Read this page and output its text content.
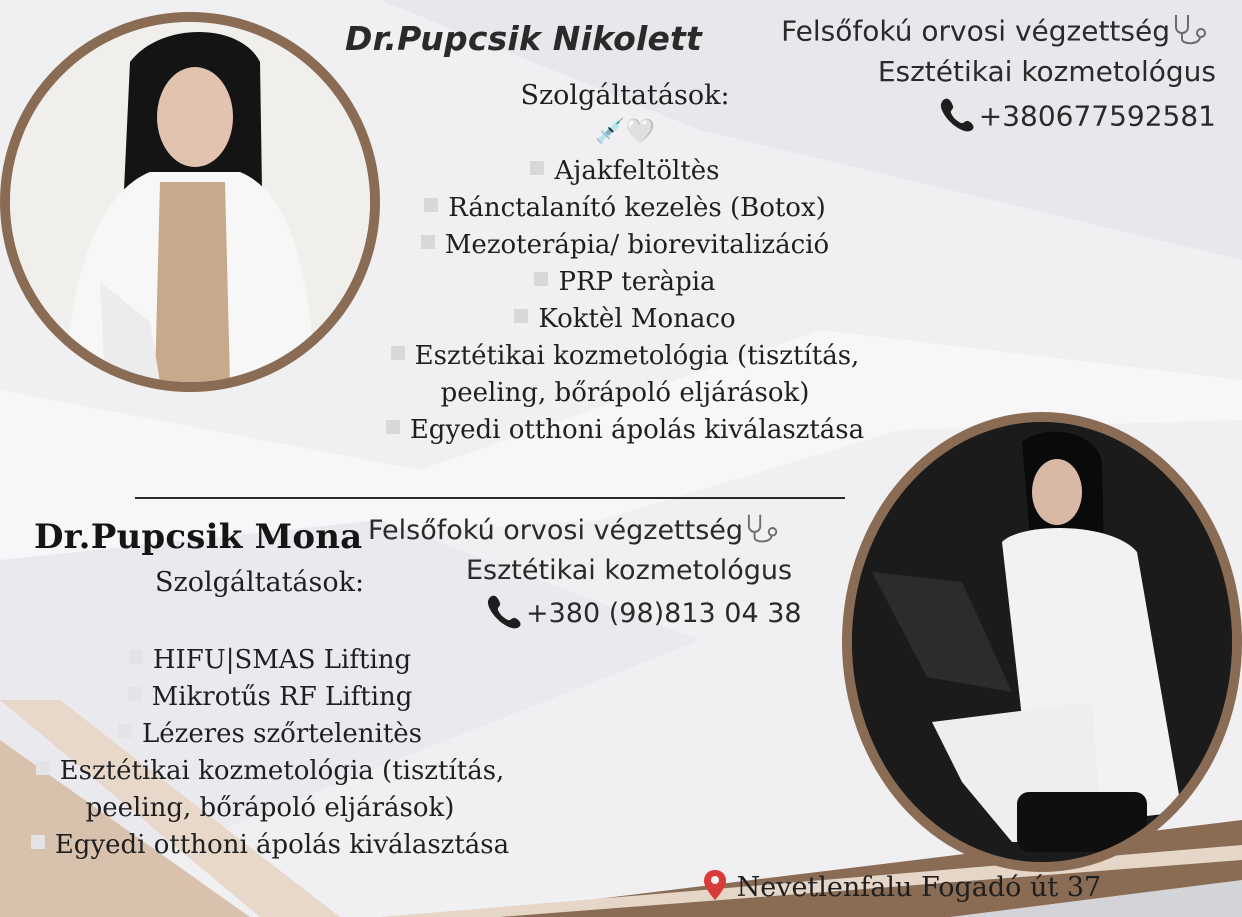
Dr.Pupcsik Nikolett	Felsőfokú orvosi végzettség
Esztétikai kozmetológus
+380677592581
Szolgáltatások:
💉🤍
Ajakfeltöltès
Ránctalanító kezelès (Botox)
Mezoterápia/ biorevitalizáció
PRP teràpia
Koktèl Monaco
Esztétikai kozmetológia (tisztítás,
peeling, bőrápoló eljárások)
Egyedi otthoni ápolás kiválasztása
Dr.Pupcsik Mona Felsőfokú orvosi végzettség
Esztétikai kozmetológus
+380 (98)813 04 38
Szolgáltatások:
HIFU|SMAS Lifting
Mikrotűs RF Lifting
Lézeres szőrtelenitès
Esztétikai kozmetológia (tisztítás,
peeling, bőrápoló eljárások)
Egyedi otthoni ápolás kiválasztása
Nevetlenfalu Fogadó út 37
